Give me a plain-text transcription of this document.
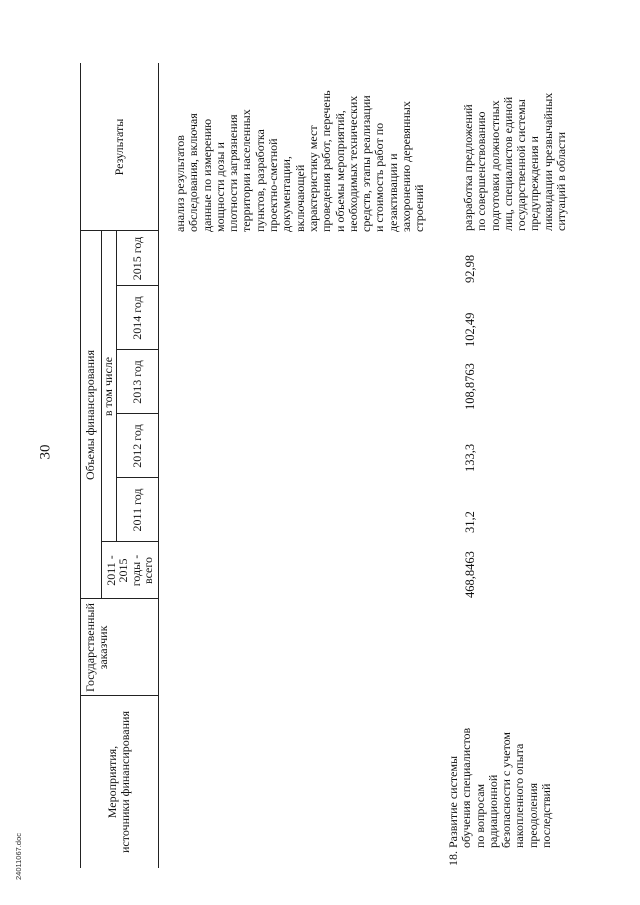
30
Мероприятия, источники финансирования
Государственный заказчик
Объемы финансирования
2011 -
2015
годы -
всего
в том числе
2011 год
2012 год
2013 год
2014 год
2015 год
Результаты	анализ результатов обследования, включая данные по измерению мощности дозы и плотности загрязнения территории населенных пунктов, разработка проектно-сметной документации, включающей характеристику мест проведения работ, перечень и объемы мероприятий, необходимых технических средств, этапы реализации и стоимость работ по дезактивации и захоронению деревянных строений
18.
Развитие системы обучения специалистов по вопросам радиационной безопасности с учетом накопленного опыта преодоления последствий
468,8463
31,2
133,3
108,8763
102,49
92,98
разработка предложений по совершенствованию подготовки должностных лиц, специалистов единой государственной системы предупреждения и ликвидации чрезвычайных ситуаций в области
24011067.doc
